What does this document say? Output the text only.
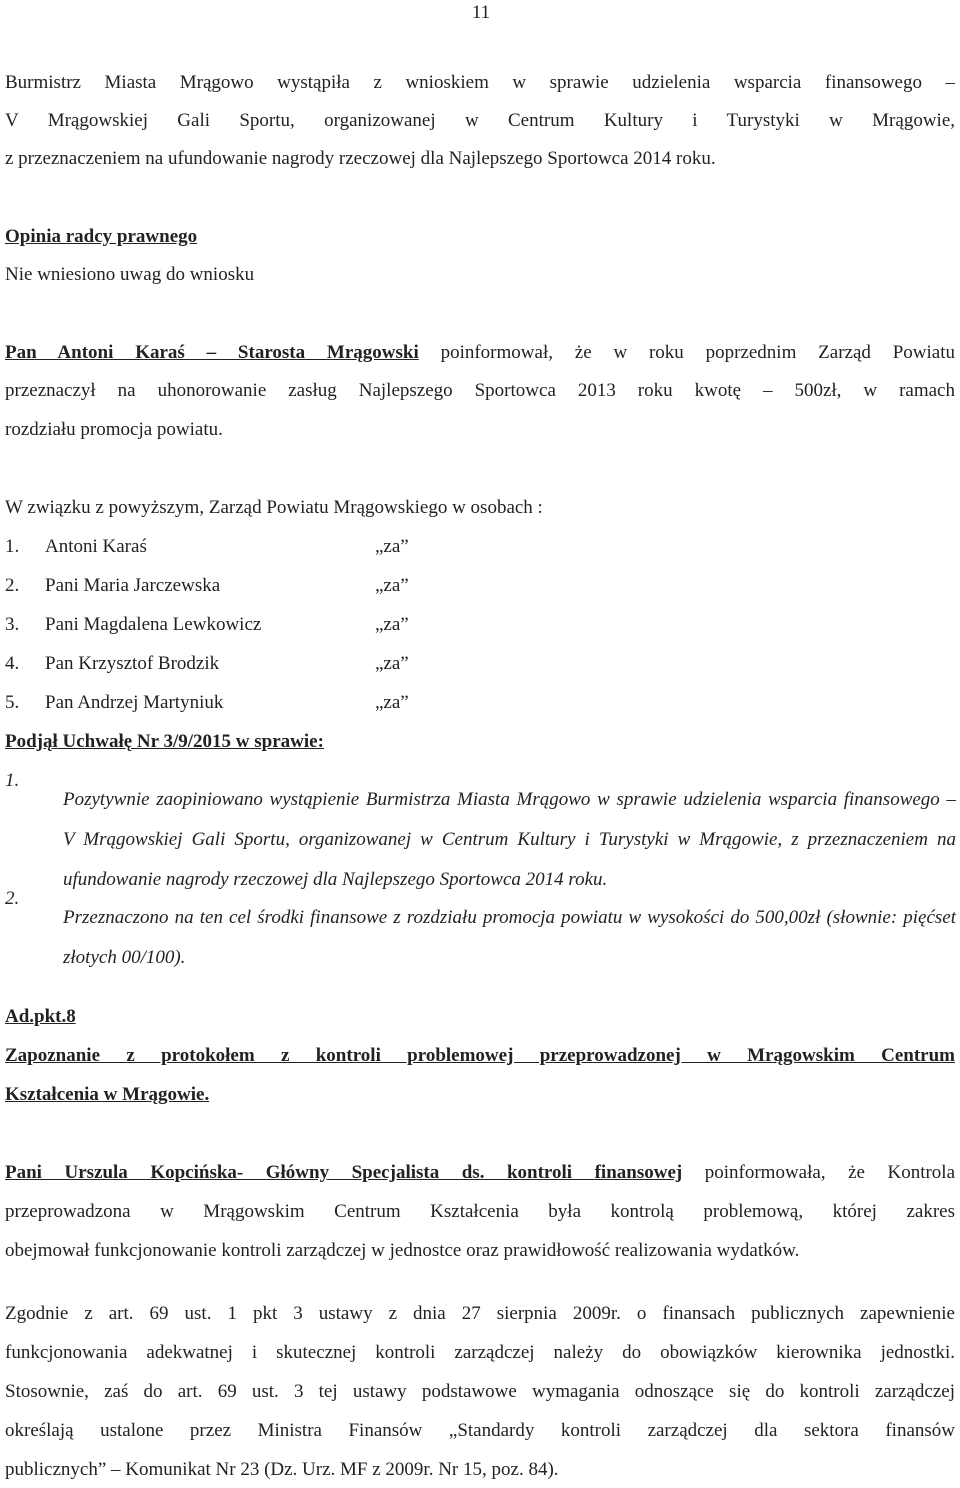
11

Burmistrz Miasta Mrągowo wystąpiła z wnioskiem w sprawie udzielenia wsparcia finansowego –

V Mrągowskiej Gali Sportu, organizowanej w Centrum Kultury i Turystyki w Mrągowie,

z przeznaczeniem na ufundowanie nagrody rzeczowej dla Najlepszego Sportowca 2014 roku.

Opinia radcy prawnego

Nie wniesiono uwag do wniosku

Pan Antoni Karaś – Starosta Mrągowski poinformował, że w roku poprzednim Zarząd Powiatu

przeznaczył na uhonorowanie zasług Najlepszego Sportowca 2013 roku kwotę – 500zł, w ramach

rozdziału promocja powiatu.

W związku z powyższym, Zarząd Powiatu Mrągowskiego w osobach :

1. Antoni Karaś	„za”

2. Pani Maria Jarczewska	„za”

3. Pani Magdalena Lewkowicz	„za”

4. Pan Krzysztof Brodzik	„za”

5. Pan Andrzej Martyniuk	„za”

Podjął Uchwałę Nr 3/9/2015 w sprawie:

1.

Pozytywnie zaopiniowano wystąpienie Burmistrza Miasta Mrągowo w sprawie udzielenia wsparcia finansowego –

V Mrągowskiej Gali Sportu, organizowanej w Centrum Kultury i Turystyki w Mrągowie, z przeznaczeniem na

ufundowanie nagrody rzeczowej dla Najlepszego Sportowca 2014 roku.

2.

Przeznaczono na ten cel środki finansowe z rozdziału promocja powiatu w wysokości do 500,00zł (słownie: pięćset

złotych 00/100).

Ad.pkt.8

Zapoznanie z protokołem z kontroli problemowej przeprowadzonej w Mrągowskim Centrum

Kształcenia w Mrągowie.

Pani Urszula Kopcińska- Główny Specjalista ds. kontroli finansowej poinformowała, że Kontrola

przeprowadzona w Mrągowskim Centrum Kształcenia była kontrolą problemową, której zakres

obejmował funkcjonowanie kontroli zarządczej w jednostce oraz prawidłowość realizowania wydatków.

Zgodnie z art. 69 ust. 1 pkt 3 ustawy z dnia 27 sierpnia 2009r. o finansach publicznych zapewnienie

funkcjonowania adekwatnej i skutecznej kontroli zarządczej należy do obowiązków kierownika jednostki.

Stosownie, zaś do art. 69 ust. 3 tej ustawy podstawowe wymagania odnoszące się do kontroli zarządczej

określają ustalone przez Ministra Finansów „Standardy kontroli zarządczej dla sektora finansów

publicznych” – Komunikat Nr 23 (Dz. Urz. MF z 2009r. Nr 15, poz. 84).
